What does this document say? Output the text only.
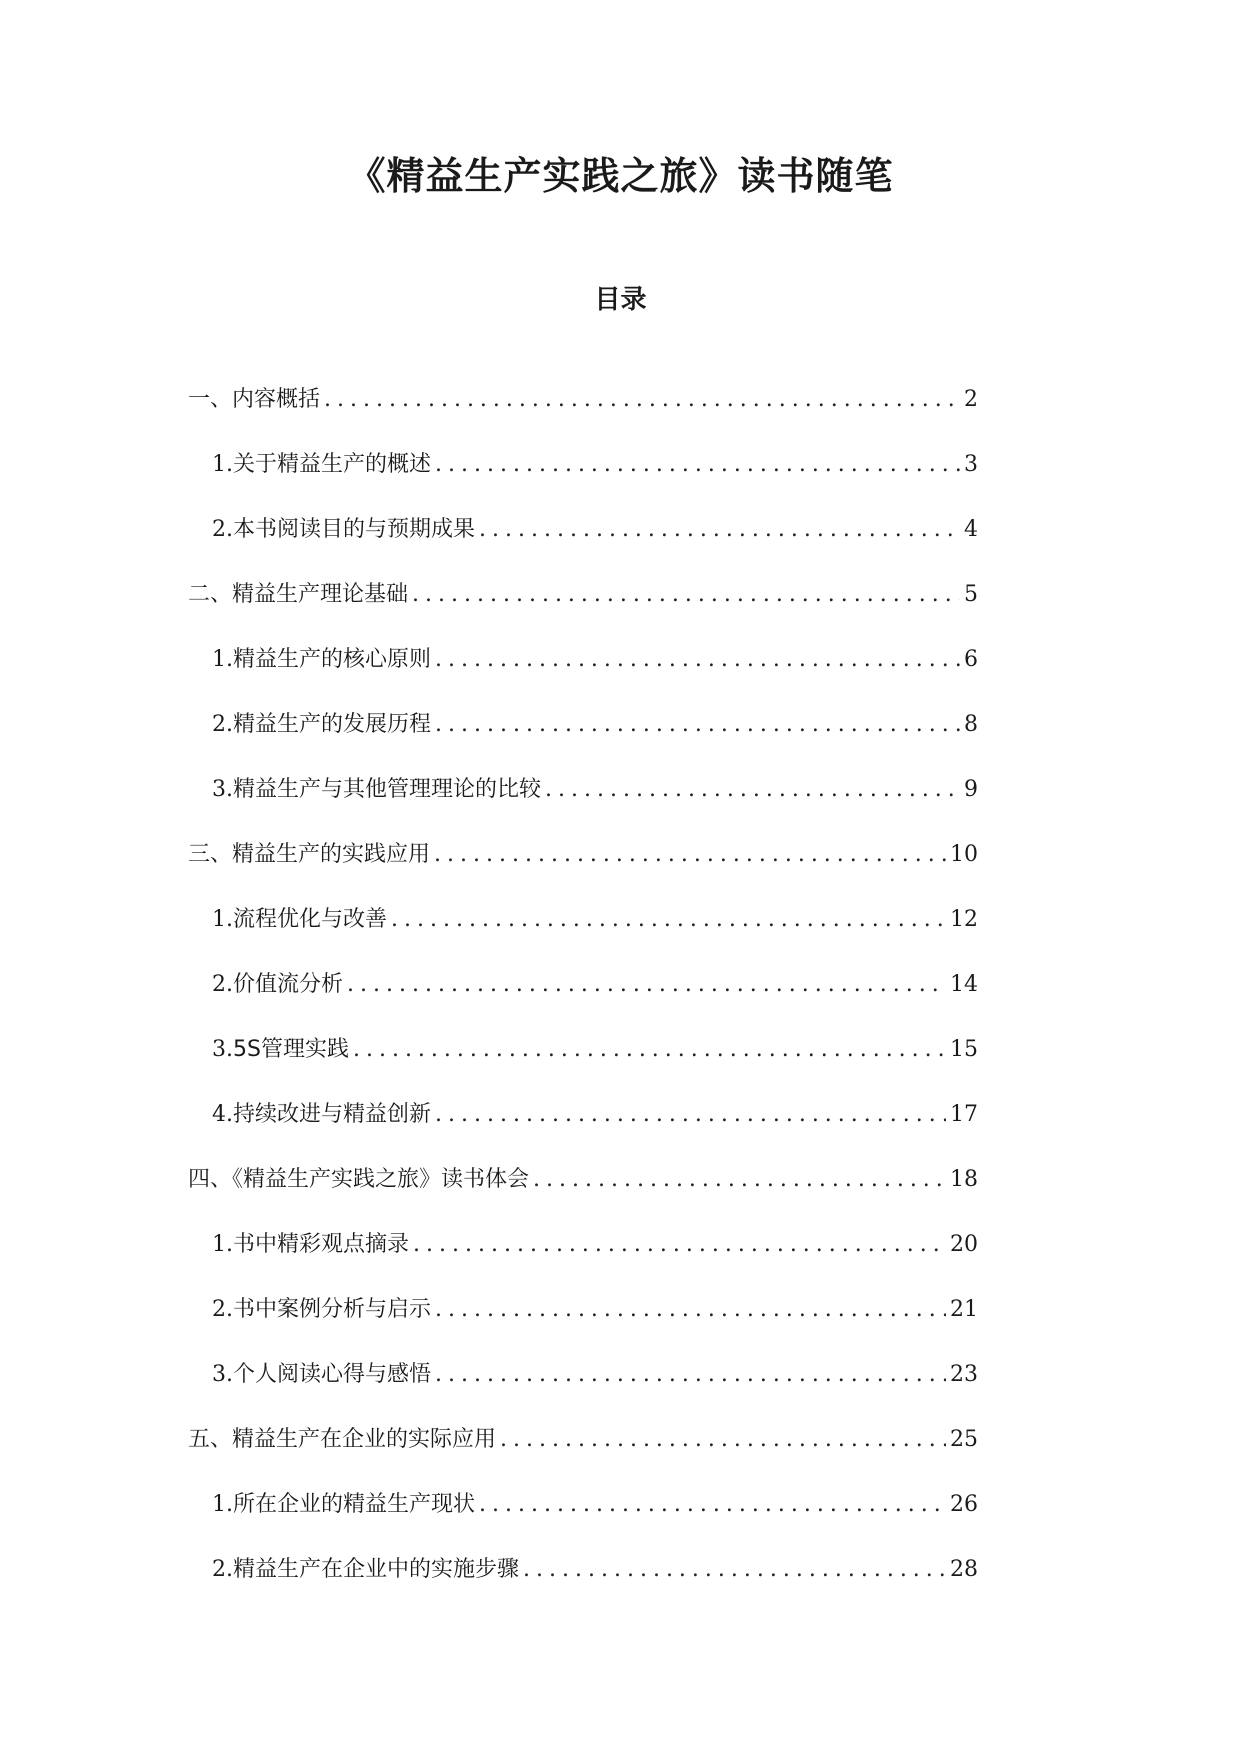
《精益生产实践之旅》读书随笔
目录
一、内容概括 .....	2
1. 关于精益生产的概述 .....	3
2. 本书阅读目的与预期成果 .....	4
二、精益生产理论基础 .....	5
1. 精益生产的核心原则 .....	6
2. 精益生产的发展历程 .....	8
3. 精益生产与其他管理理论的比较 .....	9
三、精益生产的实践应用 .....	10
1. 流程优化与改善 .....	12
2. 价值流分析 .....	14
3. 5S管理实践 .....	15
4. 持续改进与精益创新 .....	17
四、《精益生产实践之旅》读书体会 .....	18
1. 书中精彩观点摘录 .....	20
2. 书中案例分析与启示 .....	21
3. 个人阅读心得与感悟 .....	23
五、精益生产在企业的实际应用 .....	25
1. 所在企业的精益生产现状 .....	26
2. 精益生产在企业中的实施步骤 .....	28
